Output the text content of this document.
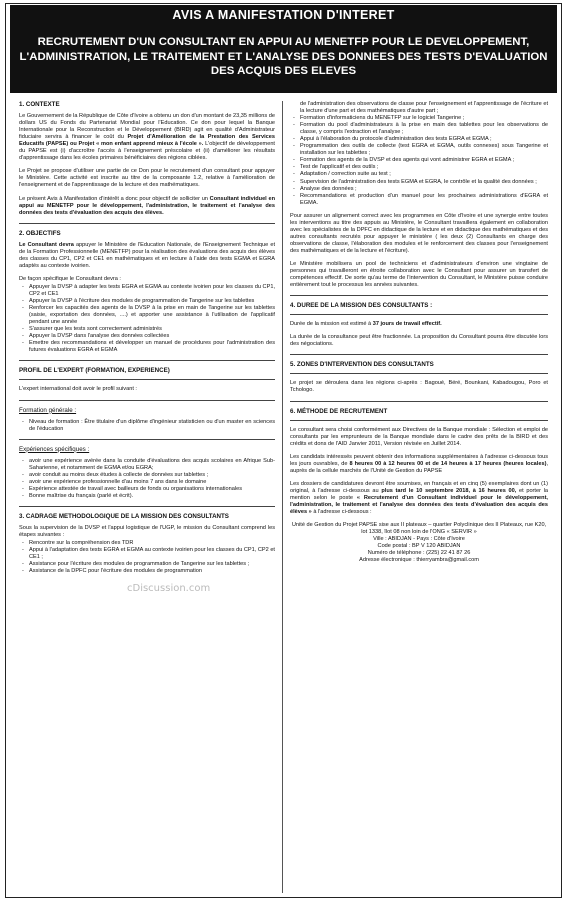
AVIS A MANIFESTATION D'INTERET
RECRUTEMENT D'UN CONSULTANT EN APPUI AU MENETFP POUR LE DEVELOPPEMENT, L'ADMINISTRATION, LE TRAITEMENT ET L'ANALYSE DES DONNEES DES TESTS D'EVALUATION DES ACQUIS DES ELEVES
1. CONTEXTE

Le Gouvernement de la République de Côte d'Ivoire a obtenu un don d'un montant de 23,35 millions de dollars US du Fonds du Partenariat Mondial pour l'Education. Ce don pour lequel la Banque Internationale pour la Reconstruction et le Développement (BIRD) agit en qualité d'Administrateur fiduciaire servira à financer le coût du Projet d'Amélioration de la Prestation des Services Educatifs (PAPSE) ou Projet « mon enfant apprend mieux à l'école ». L'objectif de développement du PAPSE est (i) d'accroître l'accès à l'enseignement préscolaire et (ii) d'améliorer les résultats d'apprentissage dans les écoles primaires bénéficiaires des régions ciblées.

Le Projet se propose d'utiliser une partie de ce Don pour le recrutement d'un consultant pour appuyer le Ministère. Cette activité est inscrite au titre de la composante 1.2, relative à l'amélioration de l'enseignement et de l'apprentissage de la lecture et des mathématiques.

Le présent Avis à Manifestation d'intérêt a donc pour objectif de solliciter un Consultant individuel en appui au MENETFP pour le développement, l'administration, le traitement et l'analyse des données des tests d'évaluation des acquis des élèves.

2. OBJECTIFS

Le Consultant devra appuyer le Ministère de l'Education Nationale, de l'Enseignement Technique et de la Formation Professionnelle (MENETFP) pour la réalisation des évaluations des acquis des élèves des classes du CP1, CP2 et CE1 en mathématiques et en lecture à l'aide des tests EGMA et EGRA adaptés au contexte ivoirien.

De façon spécifique le Consultant devra :

- Appuyer la DVSP à adapter les tests EGRA et EGMA au contexte ivoirien pour les classes du CP1, CP2 et CE1
- Appuyer la DVSP à l'écriture des modules de programmation de Tangerine sur les tablettes
- Renforcer les capacités des agents de la DVSP à la prise en main de Tangerine sur les tablettes (saisie, exportation des données, ....) et apporter une assistance à l'utilisation de l'applicatif pendant une année
- S'assurer que les tests sont correctement administrés
- Appuyer la DVSP dans l'analyse des données collectées
- Emettre des recommandations et développer un manuel de procédures pour l'administration des futures évaluations EGRA et EGMA
PROFIL DE L'EXPERT (FORMATION, EXPERIENCE)

L'expert international doit avoir le profil suivant :

Formation générale :
- Niveau de formation : Être titulaire d'un diplôme d'ingénieur statisticien ou d'un master en sciences de l'éducation
Expériences spécifiques :
- avoir une expérience avérée dans la conduite d'évaluations des acquis scolaires en Afrique Sub-Saharienne, et notamment de EGMA et/ou EGRA;
- avoir conduit au moins deux études à collecte de données sur tablettes ;
- avoir une expérience professionnelle d'au moins 7 ans dans le domaine
- Expérience attestée de travail avec bailleurs de fonds ou organisations internationales
- Bonne maîtrise du français (parlé et écrit).
3. CADRAGE METHODOLOGIQUE DE LA MISSION DES CONSULTANTS

Sous la supervision de la DVSP et l'appui logistique de l'UGP, le mission du Consultant comprend les étapes suivantes :

- Rencontre sur la compréhension des TDR
- Appui à l'adaptation des tests EGRA et EGMA au contexte ivoirien pour les classes du CP1, CP2 et CE1 ;
- Assistance pour l'écriture des modules de programmation de Tangerine sur les tablettes ;
- Assistance de la DPFC pour l'écriture des modules de programmation
cDiscussion.com

de l'administration des observations de classe pour l'enseignement et l'apprentissage de l'écriture et la lecture d'une part et des mathématiques d'autre part ;

- Formation d'informaticiens du MENETFP sur le logiciel Tangerine ;
- Formation du pool d'administrateurs à la prise en main des tablettes pour les observations de classe, y compris l'extraction et l'analyse ;
- Appui à l'élaboration du protocole d'administration des tests EGRA et EGMA ;
- Programmation des outils de collecte (test EGRA et EGMA, outils connexes) sous Tangerine et installation sur les tablettes ;
- Formation des agents de la DVSP et des agents qui vont administrer EGRA et EGMA ;
- Test de l'applicatif et des outils ;
- Adaptation / correction suite au test ;
- Supervision de l'administration des tests EGMA et EGRA, le contrôle et la qualité des données ;
- Analyse des données ;
- Recommandations et production d'un manuel pour les prochaines administrations d'EGRA et EGMA.

Pour assurer un alignement correct avec les programmes en Côte d'Ivoire et une synergie entre toutes les interventions au titre des appuis au Ministère, le Consultant travaillera également en collaboration avec les spécialistes de la DPFC en didactique de la lecture et en didactique des mathématiques et des autres consultants recrutés pour appuyer le ministère ( les deux (2) Consultants en charge des observations de classe, l'élaboration des modules et le renforcement des classes pour l'enseignement des mathématiques et de la lecture et l'écriture).

Le Ministère mobilisera un pool de techniciens et d'administrateurs d'environ une vingtaine de personnes qui travailleront en étroite collaboration avec le Consultant pour assurer un transfert de compétences effectif. De sorte qu'au terme de l'intervention du Consultant, le Ministère puisse conduire entièrement tout le processus les années suivantes.

4. DUREE DE LA MISSION DES CONSULTANTS :

Durée de la mission est estimé à 37 jours de travail effectif.

La durée de la consultance peut être fractionnée. La proposition du Consultant pourra être discutée lors des négociations.

5. ZONES D'INTERVENTION DES CONSULTANTS

Le projet se déroulera dans les régions ci-après : Bagoué, Béré, Bounkani, Kabadougou, Poro et Tchologo.

6. MÉTHODE DE RECRUTEMENT

Le consultant sera choisi conformément aux Directives de la Banque mondiale : Sélection et emploi de consultants par les emprunteurs de la Banque mondiale dans le cadre des prêts de la BIRD et des crédits et dons de l'AID Janvier 2011, Version révisée en Juillet 2014.

Les candidats intéressés peuvent obtenir des informations supplémentaires à l'adresse ci-dessous tous les jours ouvrables, de 8 heures 00 à 12 heures 00 et de 14 heures à 17 heures (heures locales), auprès de la cellule marchés de l'Unité de Gestion du PAPSE

Les dossiers de candidatures devront être soumises, en français et en cinq (5) exemplaires dont un (1) original, à l'adresse ci-dessous au plus tard le 10 septembre 2018, à 16 heures 00, et porter la mention selon le poste « Recrutement d'un Consultant individuel pour le développement, l'administration, le traitement et l'analyse des données des tests d'évaluation des acquis des élèves » à l'adresse ci-dessous :

Unité de Gestion du Projet PAPSE sise aux II plateaux – quartier Polyclinique des II Plateaux, rue K20, lot 1338, îlot 08 non loin de l'ONG « SERVIR »
Ville : ABIDJAN - Pays : Côte d'Ivoire
Code postal : BP V 120 ABIDJAN
Numéro de téléphone : (225) 22 41 87 26
Adresse électronique : thierryambra@gmail.com
